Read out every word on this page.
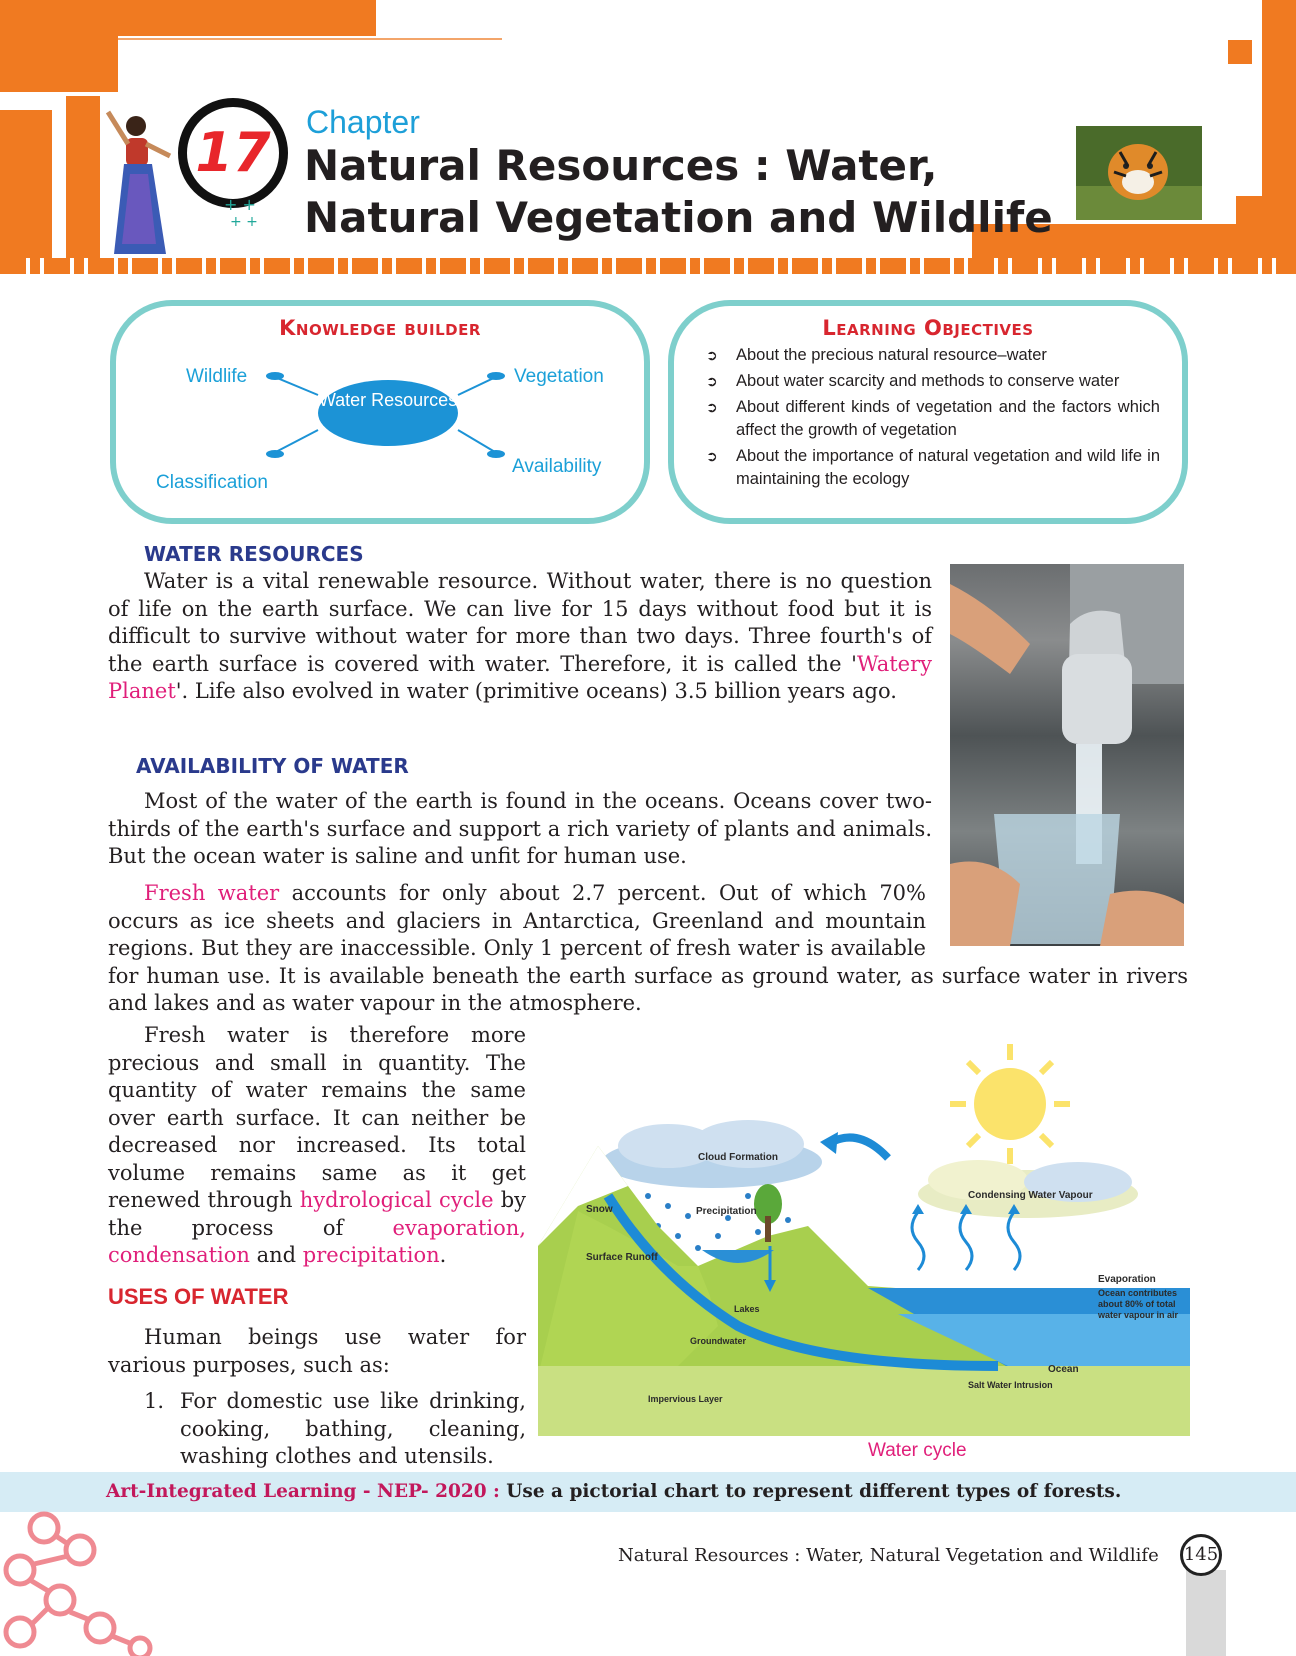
17
+ +
+ +
Chapter
Natural Resources : Water, Natural Vegetation and Wildlife
Knowledge builder
Water Resources
Wildlife	Vegetation
Classification
Availability
Learning Objectives
➲ About the precious natural resource–water
➲ About water scarcity and methods to conserve water
➲ About different kinds of vegetation and the factors which affect the growth of vegetation
➲ About the importance of natural vegetation and wild life in maintaining the ecology
WATER RESOURCES
Water is a vital renewable resource. Without water, there is no question of life on the earth surface. We can live for 15 days without food but it is difficult to survive without water for more than two days. Three fourth's of the earth surface is covered with water. Therefore, it is called the 'Watery Planet'. Life also evolved in water (primitive oceans) 3.5 billion years ago.
AVAILABILITY OF WATER
Most of the water of the earth is found in the oceans. Oceans cover two-thirds of the earth's surface and support a rich variety of plants and animals. But the ocean water is saline and unfit for human use.
Fresh water accounts for only about 2.7 percent. Out of which 70% occurs as ice sheets and glaciers in Antarctica, Greenland and mountain regions. But they are inaccessible. Only 1 percent of fresh water is available for human use. It is available beneath the earth surface as ground water, as surface water in rivers and lakes and as water vapour in the atmosphere.
Fresh water is therefore more precious and small in quantity. The quantity of water remains the same over earth surface. It can neither be decreased nor increased. Its total volume remains same as it get renewed through hydrological cycle by the process of evaporation, condensation and precipitation.
USES OF WATER
Human beings use water for various purposes, such as:
1. For domestic use like drinking, cooking, bathing, cleaning, washing clothes and utensils.
Cloud Formation
Condensing Water Vapour
Snow	Precipitation
Surface Runoff
Lakes
Groundwater
Impervious Layer
Salt Water Intrusion
Ocean
Evaporation
Ocean contributes
about 80% of total
water vapour in air
Water cycle
Art-Integrated Learning - NEP- 2020 : Use a pictorial chart to represent different types of forests.
Natural Resources : Water, Natural Vegetation and Wildlife 145
